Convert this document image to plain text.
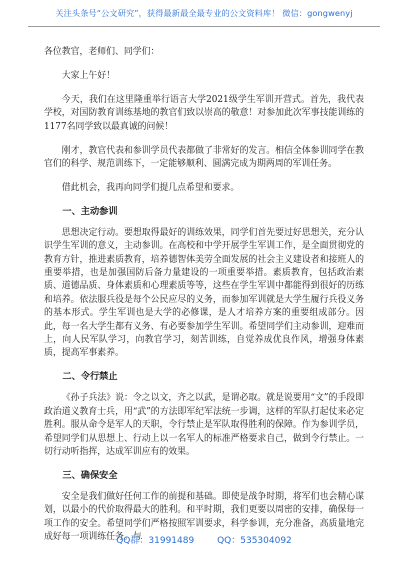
关注头条号“公文研究”，获得最新最全最专业的公文资料库！ 微信：gongwenyj

各位教官，老师们、同学们：

大家上午好！

今天，我们在这里隆重举行语言大学2021级学生军训开营式。首先，我代表学校，对国防教育训练基地的教官们致以崇高的敬意！对参加此次军事技能训练的1177名同学致以最真诚的问候！

刚才，教官代表和参训学员代表都做了非常好的发言。相信全体参训同学在教官们的科学、规范训练下，一定能够顺利、圆满完成为期两周的军训任务。

借此机会，我再向同学们提几点希望和要求。

一、主动参训

思想决定行动。要想取得最好的训练效果，同学们首先要过好思想关，充分认识学生军训的意义，主动参训。在高校和中学开展学生军训工作，是全面贯彻党的教育方针，推进素质教育，培养德智体美劳全面发展的社会主义建设者和接班人的重要举措，也是加强国防后备力量建设的一项重要举措。素质教育，包括政治素质、道德品质、身体素质和心理素质等等，这些在学生军训中都能得到很好的历练和培养。依法服兵役是每个公民应尽的义务，而参加军训就是大学生履行兵役义务的基本形式。学生军训也是大学的必修课，是人才培养方案的重要组成部分。因此，每一名大学生都有义务、有必要参加学生军训。希望同学们主动参训，迎难而上，向人民军队学习，向教官学习，刻苦训练，自觉养成优良作风，增强身体素质，提高军事素养。

二、令行禁止

《孙子兵法》说：令之以文，齐之以武，是谓必取。就是说要用“文”的手段即政治道义教育士兵，用“武”的方法即军纪军法统一步调，这样的军队打起仗来必定胜利。服从命令是军人的天职，令行禁止是军队取得胜利的保障。作为参训学员，希望同学们从思想上、行动上以一名军人的标准严格要求自己，做到令行禁止。一切行动听指挥，达成军训应有的效果。

三、确保安全

安全是我们做好任何工作的前提和基础。即使是战争时期，将军们也会精心谋划，以最小的代价取得最大的胜利。和平时期，我们更要以周密的安排，确保每一项工作的安全。希望同学们严格按照军训要求，科学参训，充分准备，高质量地完成好每一项训练任务。与

QQ群：31991489	QQ：535304092
